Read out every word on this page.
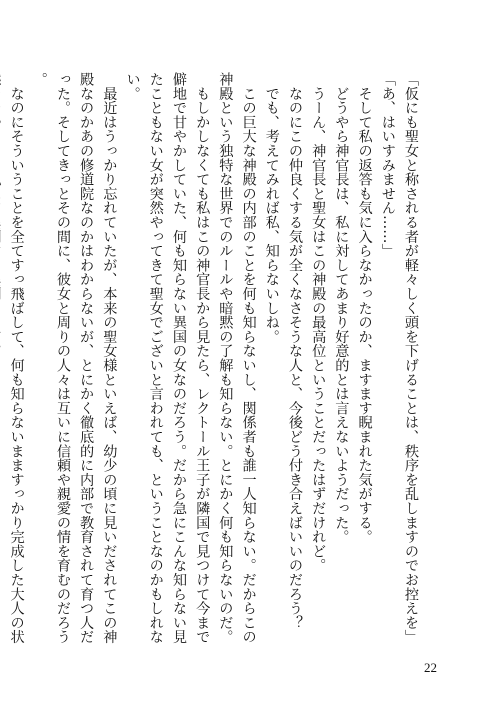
「仮にも聖女と称される者が軽々しく頭を下げることは、秩序を乱しますのでお控えを」
「あ、はいすみません……」
　そして私の返答も気に入らなかったのか、ますます睨まれた気がする。
　どうやら神官長は、私に対してあまり好意的とは言えないようだった。
　うーん、神官長と聖女はこの神殿の最高位ということだったはずだけれど。
　なのにこの仲良くする気が全くなさそうな人と、今後どう付き合えばいいのだろう？
　でも、考えてみれば私、知らないしね。
　この巨大な神殿の内部のことを何も知らないし、関係者も誰一人知らない。だからこの
神殿という独特な世界でのルールや暗黙の了解も知らない。とにかく何も知らないのだ。
　もしかしなくても私はこの神官長から見たら、レクトール王子が隣国で見つけて今まで
僻地で甘やかしていた、何も知らない異国の女なのだろう。だから急にこんな知らない見
たこともない女が突然やってきて聖女でございと言われても、ということなのかもしれな
い。
　最近はうっかり忘れていたが、本来の聖女様といえば、幼少の頃に見いだされてこの神
殿なのかあの修道院なのかはわからないが、とにかく徹底的に内部で教育されて育つ人だ
った。そしてきっとその間に、彼女と周りの人々は互いに信頼や親愛の情を育むのだろう
。
　なのにそういうことを全てすっ飛ばして、何も知らないまますっかり完成した大人の状
22
